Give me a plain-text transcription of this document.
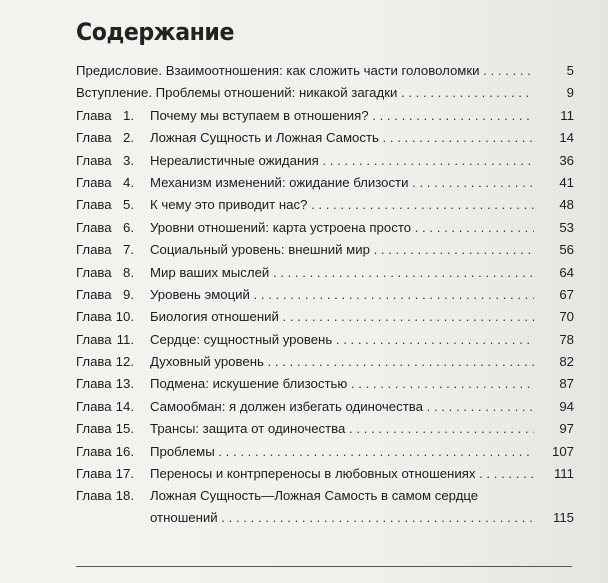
Содержание
Предисловие. Взаимоотношения: как сложить части головоломки . . .	5
Вступление. Проблемы отношений: никакой загадки . . .	9
Глава 1. Почему мы вступаем в отношения? . . .	11
Глава 2. Ложная Сущность и Ложная Самость . . .	14
Глава 3. Нереалистичные ожидания . . .	36
Глава 4. Механизм изменений: ожидание близости . . .	41
Глава 5. К чему это приводит нас? . . .	48
Глава 6. Уровни отношений: карта устроена просто . . .	53
Глава 7. Социальный уровень: внешний мир . . .	56
Глава 8. Мир ваших мыслей . . .	64
Глава 9. Уровень эмоций . . .	67
Глава 10. Биология отношений . . .	70
Глава 11. Сердце: сущностный уровень . . .	78
Глава 12. Духовный уровень . . .	82
Глава 13. Подмена: искушение близостью . . .	87
Глава 14. Самообман: я должен избегать одиночества . . .	94
Глава 15. Трансы: защита от одиночества . . .	97
Глава 16. Проблемы . . .	107
Глава 17. Переносы и контрпереносы в любовных отношениях . . .	111
Глава 18. Ложная Сущность—Ложная Самость в самом сердце
отношений . . .	115
